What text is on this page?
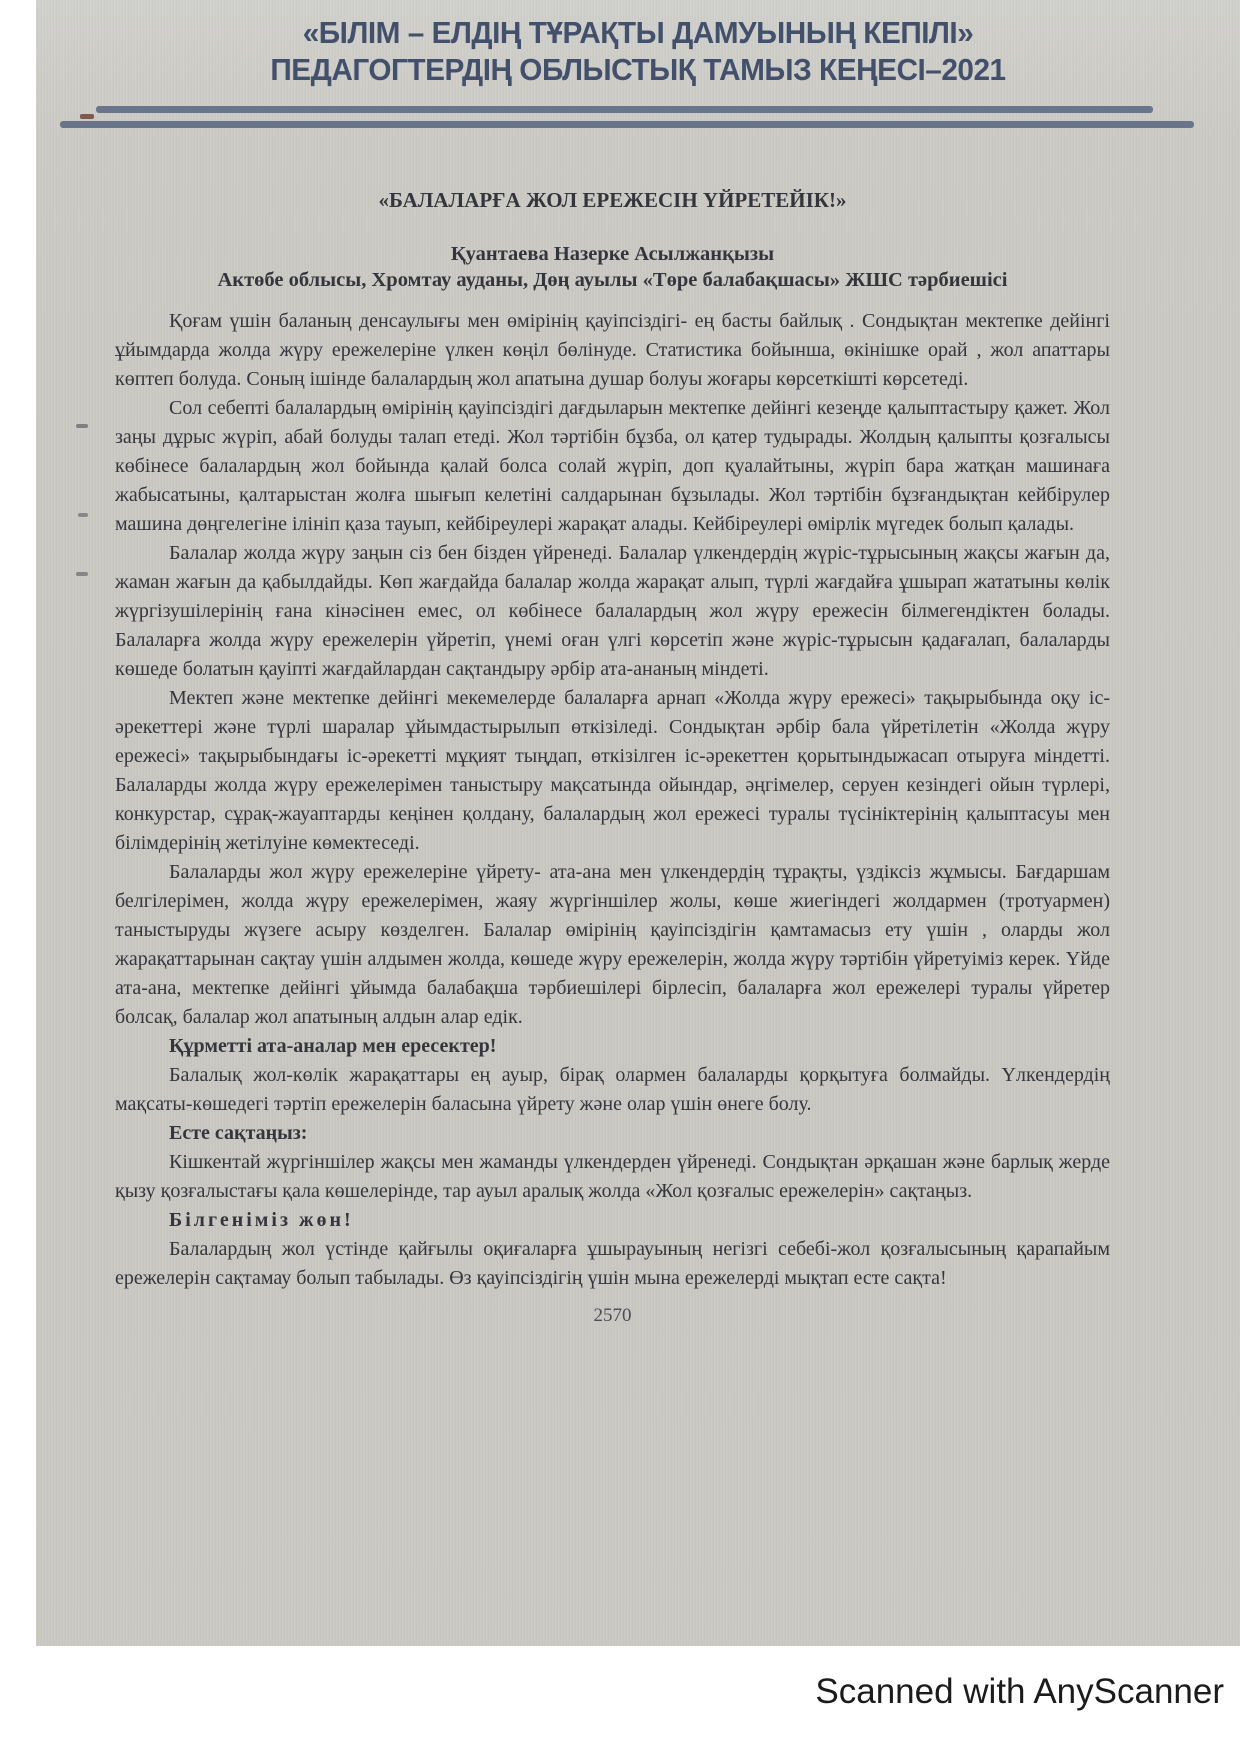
«БІЛІМ – ЕЛДІҢ ТҰРАҚТЫ ДАМУЫНЫҢ КЕПІЛІ»
ПЕДАГОГТЕРДІҢ ОБЛЫСТЫҚ ТАМЫЗ КЕҢЕСІ–2021
«БАЛАЛАРҒА ЖОЛ ЕРЕЖЕСІН ҮЙРЕТЕЙІК!»
Қуантаева Назерке Асылжанқызы
Актөбе облысы, Хромтау ауданы, Дөң ауылы «Төре балабақшасы» ЖШС тәрбиешісі

Қоғам үшін баланың денсаулығы мен өмірінің қауіпсіздігі- ең басты байлық . Сондықтан мектепке дейінгі ұйымдарда жолда жүру ережелеріне үлкен көңіл бөлінуде. Статистика бойынша, өкінішке орай , жол апаттары көптеп болуда. Соның ішінде балалардың жол апатына душар болуы жоғары көрсеткішті көрсетеді.

Сол себепті балалардың өмірінің қауіпсіздігі дағдыларын мектепке дейінгі кезеңде қалыптастыру қажет. Жол заңы дұрыс жүріп, абай болуды талап етеді. Жол тәртібін бұзба, ол қатер тудырады. Жолдың қалыпты қозғалысы көбінесе балалардың жол бойында қалай болса солай жүріп, доп қуалайтыны, жүріп бара жатқан машинаға жабысатыны, қалтарыстан жолға шығып келетіні салдарынан бұзылады. Жол тәртібін бұзғандықтан кейбірулер машина дөңгелегіне ілініп қаза тауып, кейбіреулері жарақат алады. Кейбіреулері өмірлік мүгедек болып қалады.

Балалар жолда жүру заңын сіз бен бізден үйренеді. Балалар үлкендердің жүріс-тұрысының жақсы жағын да, жаман жағын да қабылдайды. Көп жағдайда балалар жолда жарақат алып, түрлі жағдайға ұшырап жататыны көлік жүргізушілерінің ғана кінәсінен емес, ол көбінесе балалардың жол жүру ережесін білмегендіктен болады. Балаларға жолда жүру ережелерін үйретіп, үнемі оған үлгі көрсетіп және жүріс-тұрысын қадағалап, балаларды көшеде болатын қауіпті жағдайлардан сақтандыру әрбір ата-ананың міндеті.

Мектеп және мектепке дейінгі мекемелерде балаларға арнап «Жолда жүру ережесі» тақырыбында оқу іс-әрекеттері және түрлі шаралар ұйымдастырылып өткізіледі. Сондықтан әрбір бала үйретілетін «Жолда жүру ережесі» тақырыбындағы іс-әрекетті мұқият тыңдап, өткізілген іс-әрекеттен қорытындыжасап отыруға міндетті. Балаларды жолда жүру ережелерімен таныстыру мақсатында ойындар, әңгімелер, серуен кезіндегі ойын түрлері, конкурстар, сұрақ-жауаптарды кеңінен қолдану, балалардың жол ережесі туралы түсініктерінің қалыптасуы мен білімдерінің жетілуіне көмектеседі.

Балаларды жол жүру ережелеріне үйрету- ата-ана мен үлкендердің тұрақты, үздіксіз жұмысы. Бағдаршам белгілерімен, жолда жүру ережелерімен, жаяу жүргіншілер жолы, көше жиегіндегі жолдармен (тротуармен) таныстыруды жүзеге асыру көзделген. Балалар өмірінің қауіпсіздігін қамтамасыз ету үшін , оларды жол жарақаттарынан сақтау үшін алдымен жолда, көшеде жүру ережелерін, жолда жүру тәртібін үйретуіміз керек. Үйде ата-ана, мектепке дейінгі ұйымда балабақша тәрбиешілері бірлесіп, балаларға жол ережелері туралы үйретер болсақ, балалар жол апатының алдын алар едік.

Құрметті ата-аналар мен ересектер!

Балалық жол-көлік жарақаттары ең ауыр, бірақ олармен балаларды қорқытуға болмайды. Үлкендердің мақсаты-көшедегі тәртіп ережелерін баласына үйрету және олар үшін өнеге болу.

Есте сақтаңыз:

Кішкентай жүргіншілер жақсы мен жаманды үлкендерден үйренеді. Сондықтан әрқашан және барлық жерде қызу қозғалыстағы қала көшелерінде, тар ауыл аралық жолда «Жол қозғалыс ережелерін» сақтаңыз.

Білгеніміз жөн!

Балалардың жол үстінде қайғылы оқиғаларға ұшырауының негізгі себебі-жол қозғалысының қарапайым ережелерін сақтамау болып табылады. Өз қауіпсіздігің үшін мына ережелерді мықтап есте сақта!

2570
Scanned with AnyScanner
